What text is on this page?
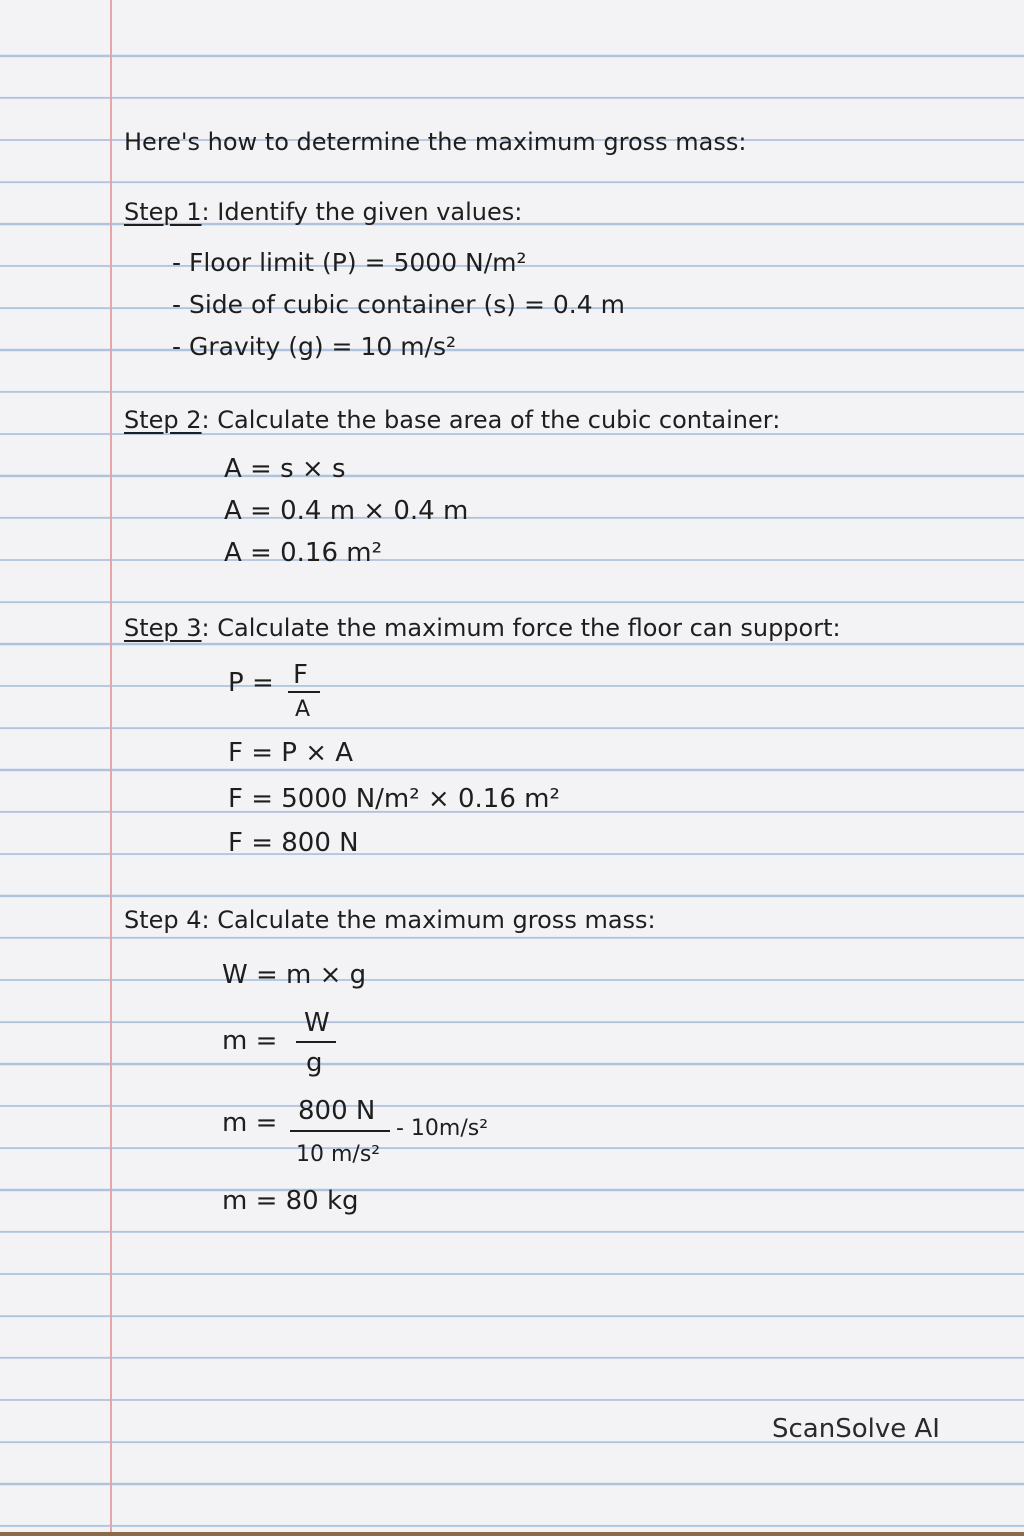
Here's how to determine the maximum gross mass:
Step 1: Identify the given values:
- Floor limit (P) = 5000 N/m²
- Side of cubic container (s) = 0.4 m
- Gravity (g) = 10 m/s²
Step 2: Calculate the base area of the cubic container:
A = s × s
A = 0.4 m × 0.4 m
A = 0.16 m²
Step 3: Calculate the maximum force the floor can support:
P = F
A
F = P × A
F = 5000 N/m² × 0.16 m²
F = 800 N
Step 4: Calculate the maximum gross mass:
W = m × g
m =
W
g
m = 800 N
10 m/s²
- 10m/s²
m = 80 kg
ScanSolve AI
